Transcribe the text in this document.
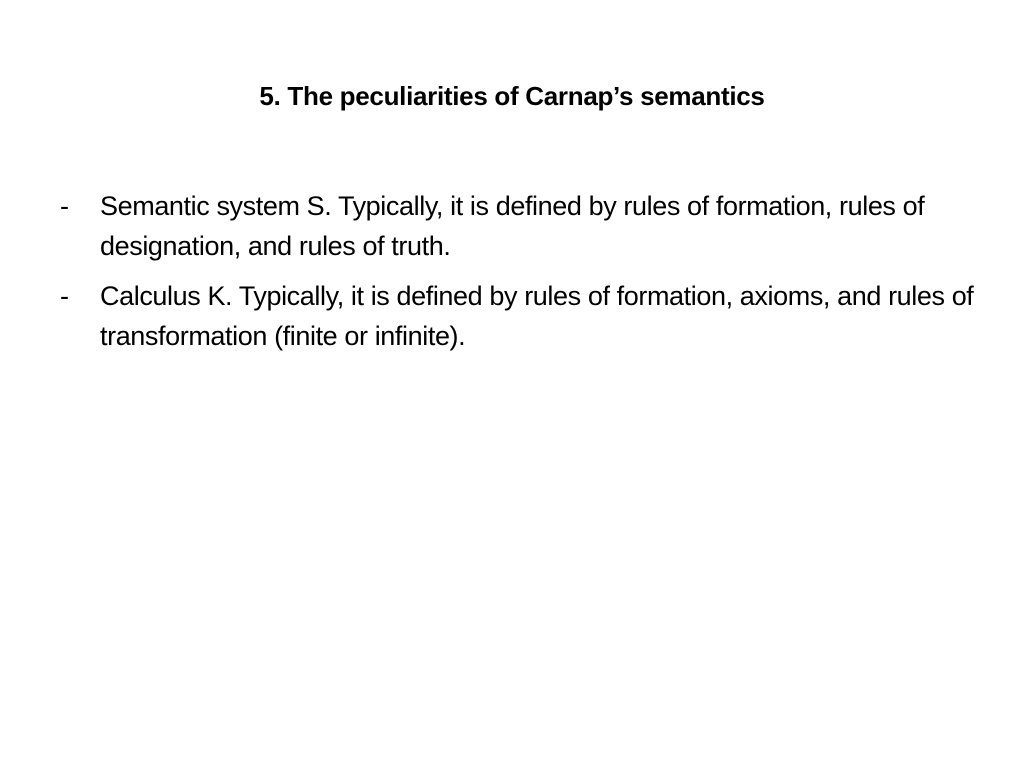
5. The peculiarities of Carnap’s semantics
-	Semantic system S. Typically, it is defined by rules of formation, rules of designation, and rules of truth.
-	Calculus K. Typically, it is defined by rules of formation, axioms, and rules of transformation (finite or infinite).
